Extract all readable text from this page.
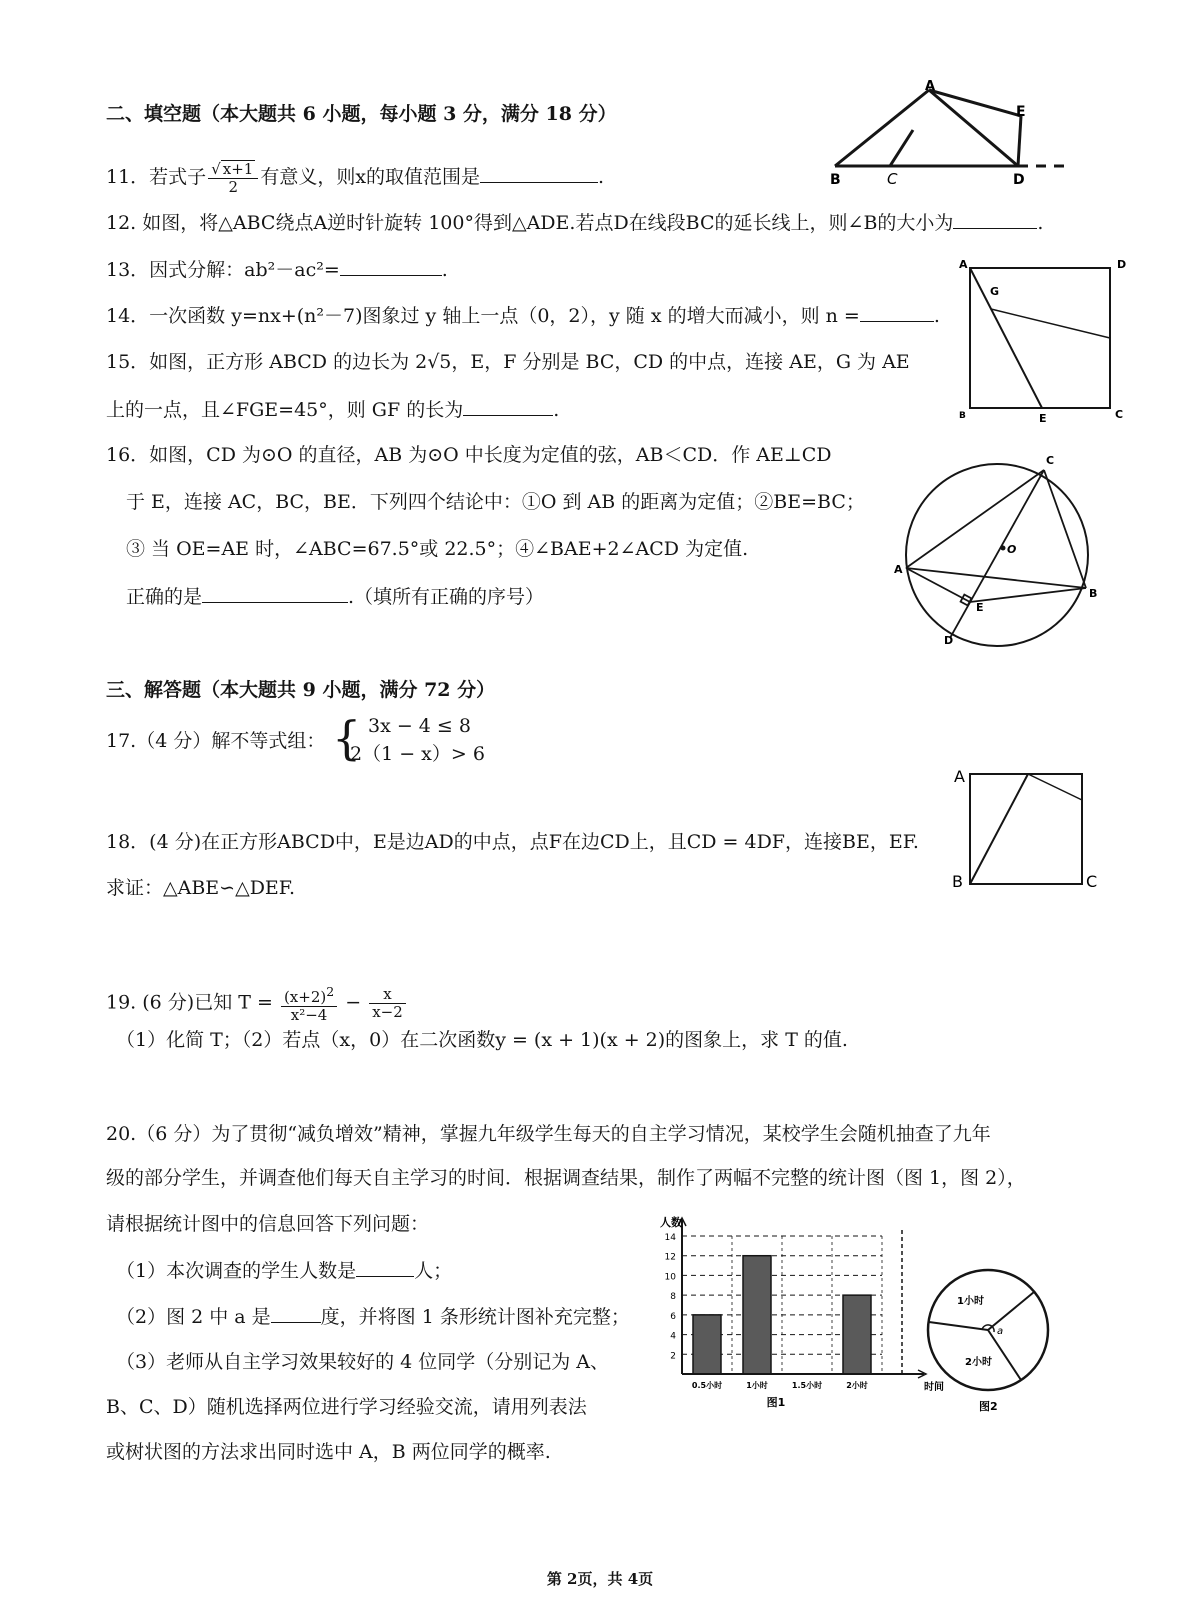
二、填空题（本大题共 6 小题，每小题 3 分，满分 18 分）
11．若式子 $\frac{√ x+1}{2}$ 有意义，则x的取值范围是	.
A
E
B	C	D
12. 如图，将△ABC绕点A逆时针旋转 100°得到△ADE.若点D在线段BC的延长线上，则∠B的大小为	.
13．因式分解：ab²－ac²=	.	A	D
G
B	E	C
14．一次函数 y=nx+(n²－7)图象过 y 轴上一点（0，2），y 随 x 的增大而减小，则 n =	.
15．如图，正方形 ABCD 的边长为 2√5，E，F 分别是 BC，CD 的中点，连接 AE，G 为 AE
上的一点，且∠FGE=45°，则 GF 的长为	.
16．如图，CD 为⊙O 的直径，AB 为⊙O 中长度为定值的弦，AB＜CD．作 AE⊥CD
于 E，连接 AC，BC，BE．下列四个结论中：①O 到 AB 的距离为定值；②BE=BC；
③ 当 OE=AE 时，∠ABC=67.5°或 22.5°；④∠BAE+2∠ACD 为定值.
正确的是	.（填所有正确的序号）
C
O
A
B
E
D
三、解答题（本大题共 9 小题，满分 72 分）
17.（4 分）解不等式组： { 3x − 4 ≤ 8
2（1 − x）> 6
A
B	C
18．(4 分)在正方形ABCD中，E是边AD的中点，点F在边CD上，且CD = 4DF，连接BE，EF.
求证：△ABE∽△DEF.
19. (6 分)已知 $T = \frac{(x+2)^2}{\text{x²−4}} - \frac{x}{x-2}$
（1）化简 T；（2）若点（x，0）在二次函数y = (x + 1)(x + 2)的图象上，求 T 的值.
20.（6 分）为了贯彻“减负增效”精神，掌握九年级学生每天的自主学习情况，某校学生会随机抽查了九年
级的部分学生，并调查他们每天自主学习的时间．根据调查结果，制作了两幅不完整的统计图（图 1，图 2），
请根据统计图中的信息回答下列问题：
（1）本次调查的学生人数是	人；
（2）图 2 中 a 是	度，并将图 1 条形统计图补充完整；
（3）老师从自主学习效果较好的 4 位同学（分别记为 A、
B、C、D）随机选择两位进行学习经验交流，请用列表法
或树状图的方法求出同时选中 A，B 两位同学的概率.
2
4
6
8
10
12
14
0.5小时	1小时	1.5小时	2小时
人数
时间
图1
1小时
a
2小时
图2
第 2页，共 4页
